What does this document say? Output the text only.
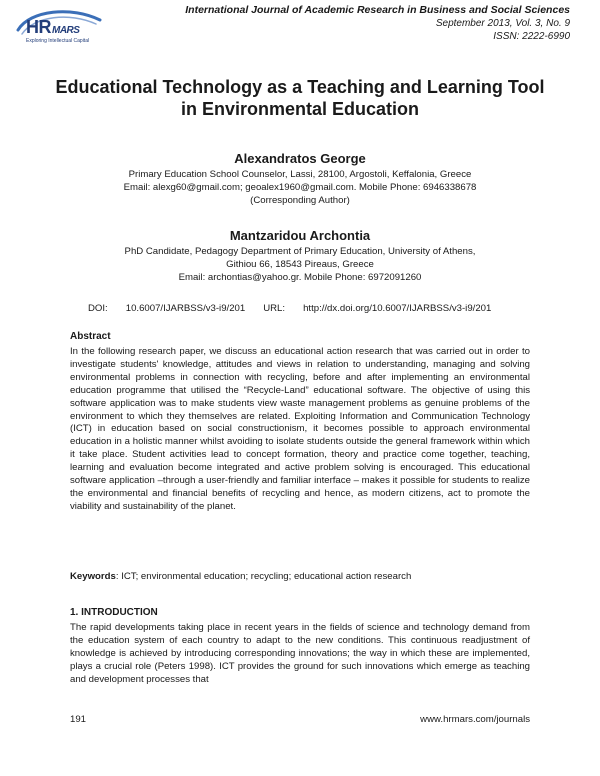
HRMARS
Exploring Intellectual Capital
International Journal of Academic Research in Business and Social Sciences
September 2013, Vol. 3, No. 9
ISSN: 2222-6990
Educational Technology as a Teaching and Learning Tool
in Environmental Education
Alexandratos George
Primary Education School Counselor, Lassi, 28100, Argostoli, Keffalonia, Greece
Email: alexg60@gmail.com; geoalex1960@gmail.com. Mobile Phone: 6946338678
(Corresponding Author)
Mantzaridou Archontia
PhD Candidate, Pedagogy Department of Primary Education, University of Athens,
Githiou 66, 18543 Pireaus, Greece
Email: archontias@yahoo.gr. Mobile Phone: 6972091260
DOI: 10.6007/IJARBSS/v3-i9/201 URL: http://dx.doi.org/10.6007/IJARBSS/v3-i9/201
Abstract
In the following research paper, we discuss an educational action research that was carried out in order to investigate students' knowledge, attitudes and views in relation to understanding, managing and solving environmental problems in connection with recycling, before and after implementing an environmental education programme that utilised the “Recycle-Land” educational software. The objective of using this software application was to make students view waste management problems as genuine problems of the environment to which they themselves are related. Exploiting Information and Communication Technology (ICT) in education based on social constructionism, it becomes possible to approach environmental education in a holistic manner whilst avoiding to isolate students outside the general framework within which it take place. Student activities lead to concept formation, theory and practice come together, teaching, learning and evaluation become integrated and active problem solving is encouraged. This educational software application –through a user-friendly and familiar interface – makes it possible for students to realize the environmental and financial benefits of recycling and hence, as modern citizens, act to promote the viability and sustainability of the planet.
Keywords: ICT; environmental education; recycling; educational action research
1. INTRODUCTION
The rapid developments taking place in recent years in the fields of science and technology demand from the education system of each country to adapt to the new conditions. This continuous readjustment of knowledge is achieved by introducing corresponding innovations; the way in which these are implemented, plays a crucial role (Peters 1998). ICT provides the ground for such innovations which emerge as teaching and development processes that
191	www.hrmars.com/journals
